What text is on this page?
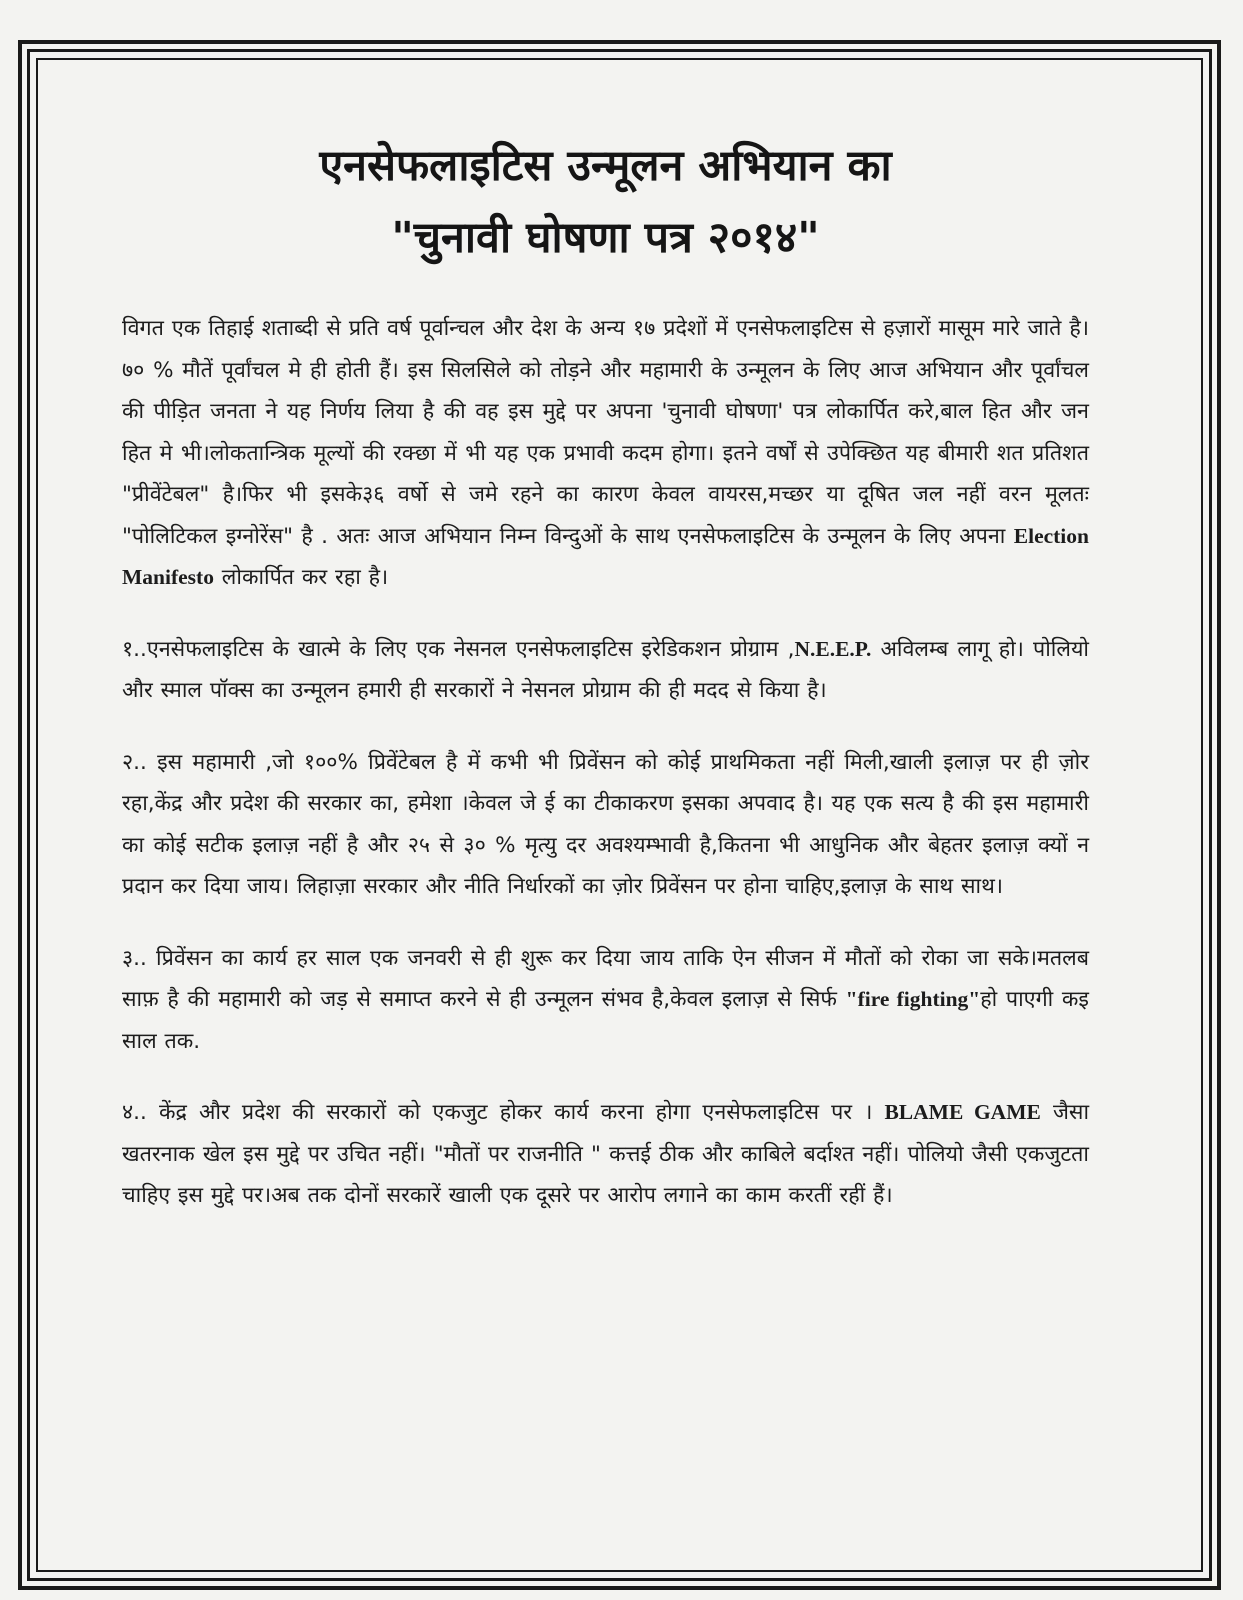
एनसेफलाइटिस उन्मूलन अभियान का
"चुनावी घोषणा पत्र २०१४"

विगत एक तिहाई शताब्दी से प्रति वर्ष पूर्वान्चल और देश के अन्य १७ प्रदेशों में एनसेफलाइटिस से हज़ारों मासूम मारे जाते है।७० % मौतें पूर्वांचल मे ही होती हैं। इस सिलसिले को तोड़ने और महामारी के उन्मूलन के लिए आज अभियान और पूर्वांचल की पीड़ित जनता ने यह निर्णय लिया है की वह इस मुद्दे पर अपना 'चुनावी घोषणा' पत्र लोकार्पित करे,बाल हित और जन हित मे भी।लोकतान्त्रिक मूल्यों की रक्छा में भी यह एक प्रभावी कदम होगा। इतने वर्षों से उपेक्छित यह बीमारी शत प्रतिशत "प्रीवेंटेबल" है।फिर भी इसके३६ वर्षो से जमे रहने का कारण केवल वायरस,मच्छर या दूषित जल नहीं वरन मूलतः "पोलिटिकल इग्नोरेंस" है . अतः आज अभियान निम्न विन्दुओं के साथ एनसेफलाइटिस के उन्मूलन के लिए अपना Election Manifesto लोकार्पित कर रहा है।

१..एनसेफलाइटिस के खात्मे के लिए एक नेसनल एनसेफलाइटिस इरेडिकशन प्रोग्राम ,N.E.E.P. अविलम्ब लागू हो। पोलियो और स्माल पॉक्स का उन्मूलन हमारी ही सरकारों ने नेसनल प्रोग्राम की ही मदद से किया है।

२.. इस महामारी ,जो १००% प्रिवेंटेबल है में कभी भी प्रिवेंसन को कोई प्राथमिकता नहीं मिली,खाली इलाज़ पर ही ज़ोर रहा,केंद्र और प्रदेश की सरकार का, हमेशा ।केवल जे ई का टीकाकरण इसका अपवाद है। यह एक सत्य है की इस महामारी का कोई सटीक इलाज़ नहीं है और २५ से ३० % मृत्यु दर अवश्यम्भावी है,कितना भी आधुनिक और बेहतर इलाज़ क्यों न प्रदान कर दिया जाय। लिहाज़ा सरकार और नीति निर्धारकों का ज़ोर प्रिवेंसन पर होना चाहिए,इलाज़ के साथ साथ।

३.. प्रिवेंसन का कार्य हर साल एक जनवरी से ही शुरू कर दिया जाय ताकि ऐन सीजन में मौतों को रोका जा सके।मतलब साफ़ है की महामारी को जड़ से समाप्त करने से ही उन्मूलन संभव है,केवल इलाज़ से सिर्फ "fire fighting"हो पाएगी कइ साल तक.

४.. केंद्र और प्रदेश की सरकारों को एकजुट होकर कार्य करना होगा एनसेफलाइटिस पर । BLAME GAME जैसा खतरनाक खेल इस मुद्दे पर उचित नहीं। "मौतों पर राजनीति " कत्तई ठीक और काबिले बर्दाश्त नहीं। पोलियो जैसी एकजुटता चाहिए इस मुद्दे पर।अब तक दोनों सरकारें खाली एक दूसरे पर आरोप लगाने का काम करतीं रहीं हैं।
